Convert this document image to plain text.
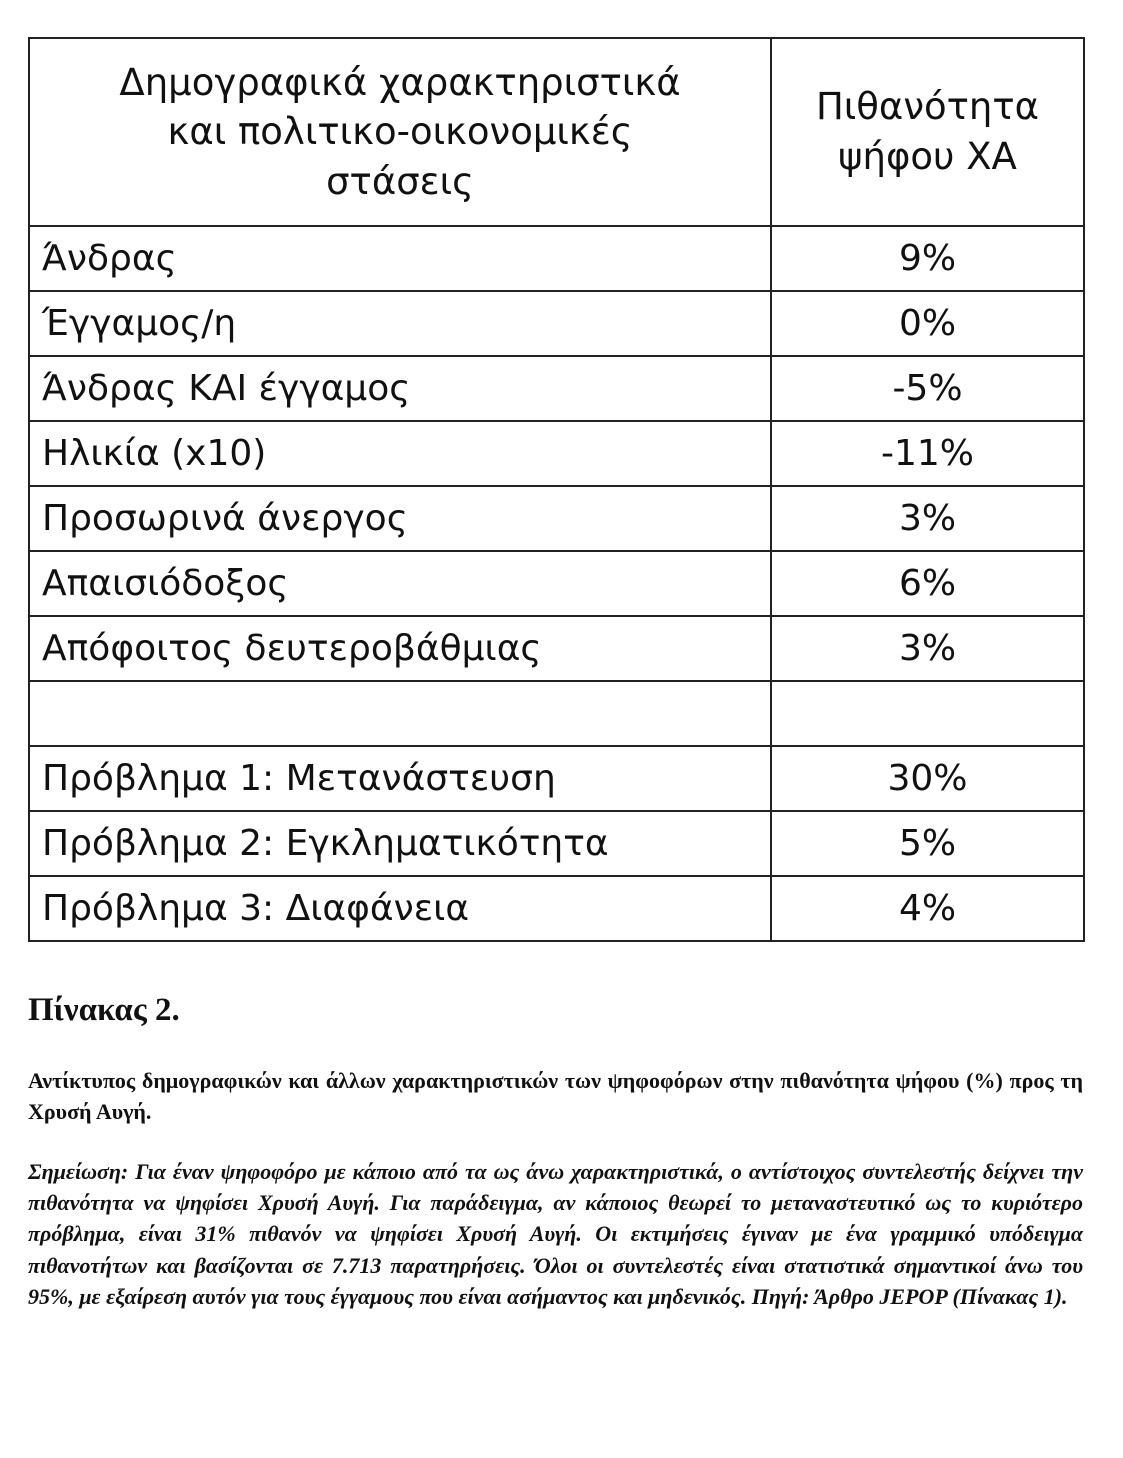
Δημογραφικά χαρακτηριστικά
και πολιτικο-οικονομικές
στάσεις	Πιθανότητα
ψήφου ΧΑ

Άνδρας	9%
Έγγαμος/η	0%
Άνδρας ΚΑΙ έγγαμος	-5%
Ηλικία (x10)	-11%
Προσωρινά άνεργος	3%
Απαισιόδοξος	6%
Απόφοιτος δευτεροβάθμιας	3%

Πρόβλημα 1: Μετανάστευση	30%
Πρόβλημα 2: Εγκληματικότητα	5%
Πρόβλημα 3: Διαφάνεια	4%
Πίνακας 2.
Αντίκτυπος δημογραφικών και άλλων χαρακτηριστικών των ψηφοφόρων στην πιθανότητα ψήφου (%) προς τη Χρυσή Αυγή.
Σημείωση: Για έναν ψηφοφόρο με κάποιο από τα ως άνω χαρακτηριστικά, ο αντίστοιχος συντελεστής δείχνει την πιθανότητα να ψηφίσει Χρυσή Αυγή. Για παράδειγμα, αν κάποιος θεωρεί το μεταναστευτικό ως το κυριότερο πρόβλημα, είναι 31% πιθανόν να ψηφίσει Χρυσή Αυγή. Οι εκτιμήσεις έγιναν με ένα γραμμικό υπόδειγμα πιθανοτήτων και βασίζονται σε 7.713 παρατηρήσεις. Όλοι οι συντελεστές είναι στατιστικά σημαντικοί άνω του 95%, με εξαίρεση αυτόν για τους έγγαμους που είναι ασήμαντος και μηδενικός. Πηγή: Άρθρο JEPOP (Πίνακας 1).
